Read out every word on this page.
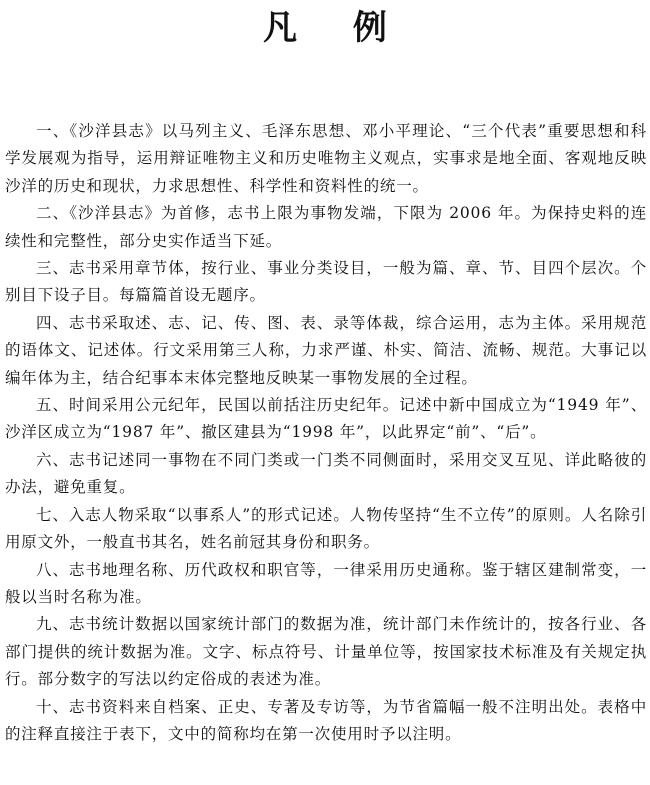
凡 例

一、《沙洋县志》以马列主义、毛泽东思想、邓小平理论、“三个代表”重要思想和科学发展观为指导，运用辩证唯物主义和历史唯物主义观点，实事求是地全面、客观地反映沙洋的历史和现状，力求思想性、科学性和资料性的统一。

二、《沙洋县志》为首修，志书上限为事物发端，下限为 2006 年。为保持史料的连续性和完整性，部分史实作适当下延。

三、志书采用章节体，按行业、事业分类设目，一般为篇、章、节、目四个层次。个别目下设子目。每篇篇首设无题序。

四、志书采取述、志、记、传、图、表、录等体裁，综合运用，志为主体。采用规范的语体文、记述体。行文采用第三人称，力求严谨、朴实、简洁、流畅、规范。大事记以编年体为主，结合纪事本末体完整地反映某一事物发展的全过程。

五、时间采用公元纪年，民国以前括注历史纪年。记述中新中国成立为“1949 年”、沙洋区成立为“1987 年”、撤区建县为“1998 年”，以此界定“前”、“后”。

六、志书记述同一事物在不同门类或一门类不同侧面时，采用交叉互见、详此略彼的办法，避免重复。

七、入志人物采取“以事系人”的形式记述。人物传坚持“生不立传”的原则。人名除引用原文外，一般直书其名，姓名前冠其身份和职务。

八、志书地理名称、历代政权和职官等，一律采用历史通称。鉴于辖区建制常变，一般以当时名称为准。

九、志书统计数据以国家统计部门的数据为准，统计部门未作统计的，按各行业、各部门提供的统计数据为准。文字、标点符号、计量单位等，按国家技术标准及有关规定执行。部分数字的写法以约定俗成的表述为准。

十、志书资料来自档案、正史、专著及专访等，为节省篇幅一般不注明出处。表格中的注释直接注于表下，文中的简称均在第一次使用时予以注明。
